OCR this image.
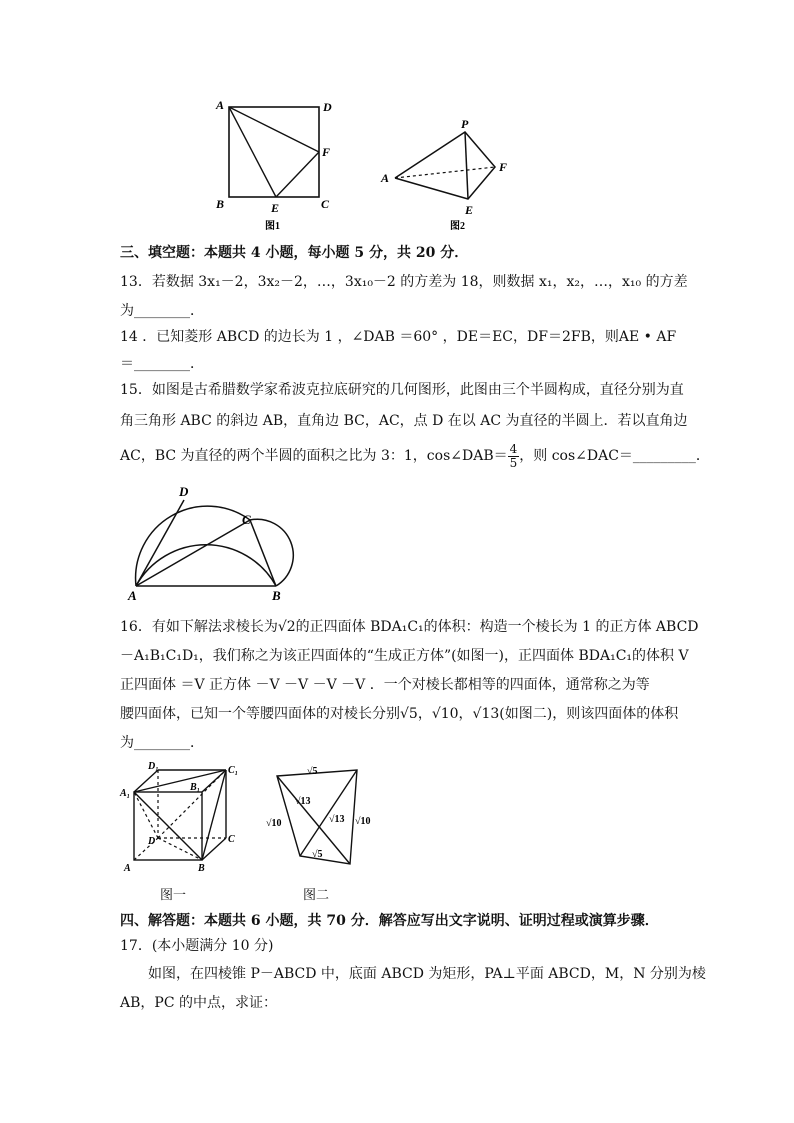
A	D
F
B	E	C
图1
P
F
A
E
图2
三、填空题：本题共 4 小题，每小题 5 分，共 20 分．
13．若数据 3x₁－2，3x₂－2，…，3x₁₀－2 的方差为 18，则数据 x₁，x₂，…，x₁₀ 的方差
为________．
14 ．已知菱形 ABCD 的边长为 1 ，∠DAB ＝60° ，DE＝EC，DF＝2FB，则AE • AF
＝________．
15．如图是古希腊数学家希波克拉底研究的几何图形，此图由三个半圆构成，直径分别为直
角三角形 ABC 的斜边 AB，直角边 BC，AC，点 D 在以 AC 为直径的半圆上．若以直角边
AC，BC 为直径的两个半圆的面积之比为 3：1，cos∠DAB＝ $\frac{4}{5}$ ，则 cos∠DAC＝_________．
D
C
A	B
16．有如下解法求棱长为√2的正四面体 BDA₁C₁的体积：构造一个棱长为 1 的正方体 ABCD
－A₁B₁C₁D₁，我们称之为该正四面体的“生成正方体”(如图一)，正四面体 BDA₁C₁的体积 V
正四面体 ＝V 正方体 －V －V －V －V ．一个对棱长都相等的四面体，通常称之为等
腰四面体，已知一个等腰四面体的对棱长分别√5，√10，√13(如图二)，则该四面体的体积
为________．
D₁	C₁
A₁
B₁
D	C
A	B
√5
√13
√13
√10	√10
√5
图一	图二
四、解答题：本题共 6 小题，共 70 分．解答应写出文字说明、证明过程或演算步骤．
17．(本小题满分 10 分)
如图，在四棱锥 P－ABCD 中，底面 ABCD 为矩形，PA⊥平面 ABCD，M，N 分别为棱
AB，PC 的中点，求证：
